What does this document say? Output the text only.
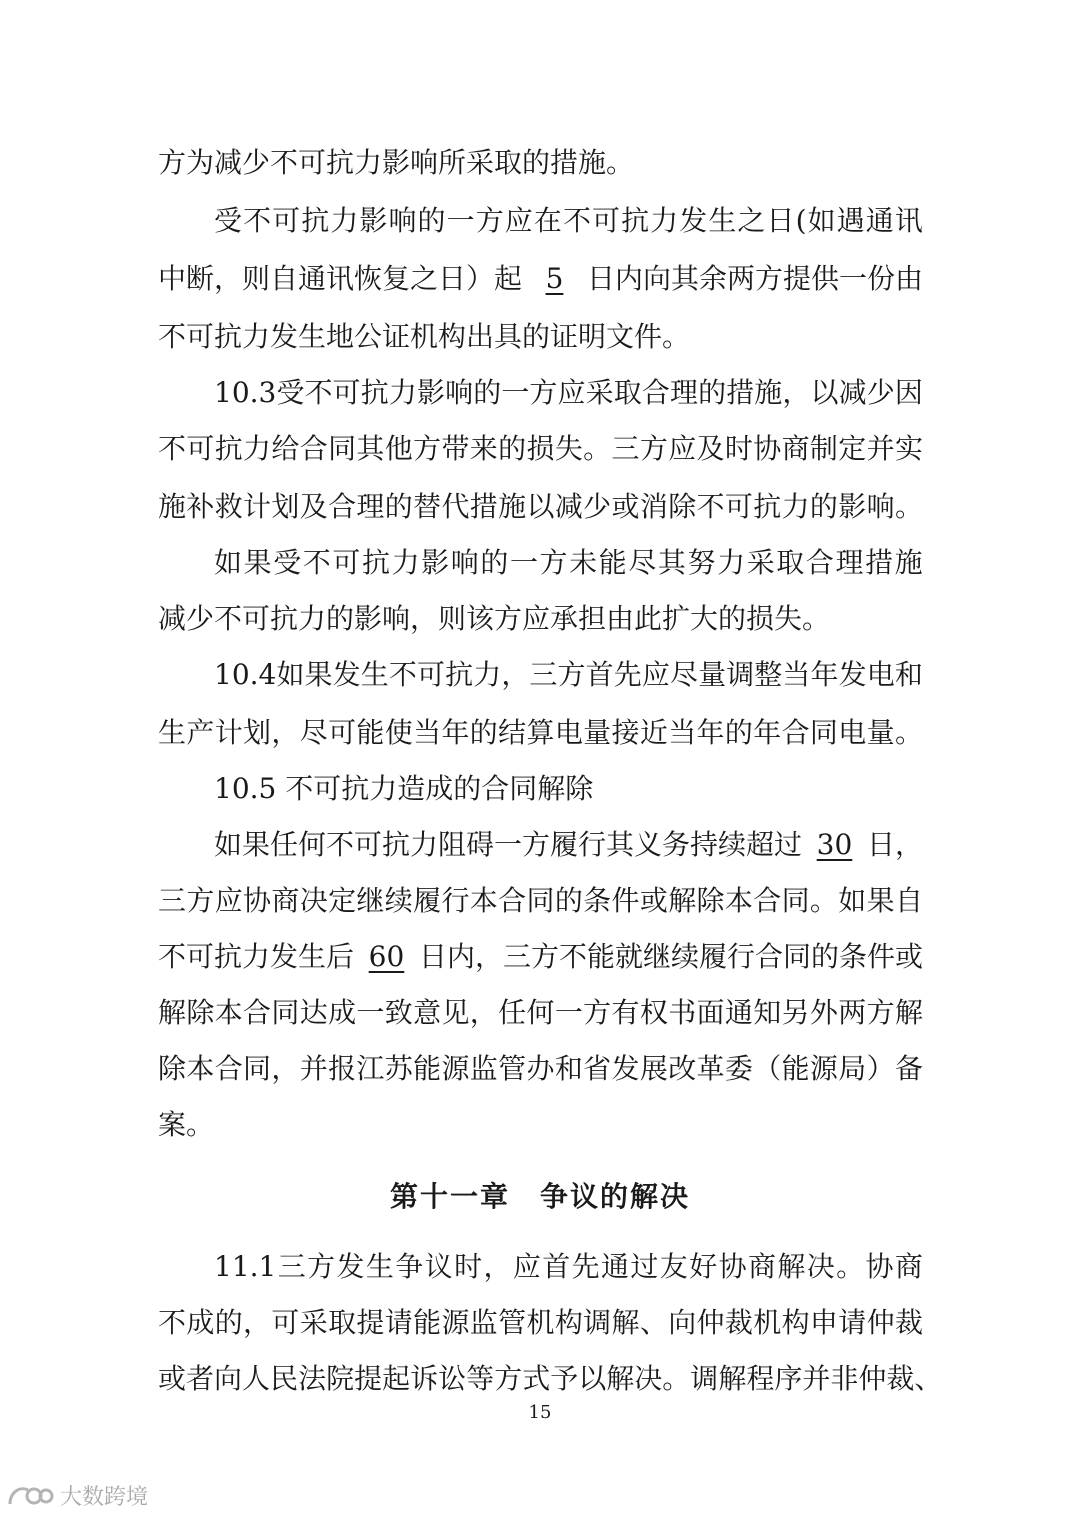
方为减少不可抗力影响所采取的措施。
受 不 可 抗 力 影 响 的 一 方 应 在 不 可 抗 力 发 生 之 日 ( 如 遇 通 讯
中断，则自通讯恢复之日）起 5 日内向其余两方提供一份由
不可抗力发生地公证机构出具的证明文件。
10.3 受 不 可 抗 力 影 响 的 一 方 应 采 取 合 理 的 措 施 ， 以 减 少 因
不 可 抗 力 给 合 同 其 他 方 带 来 的 损 失 。 三 方 应 及 时 协 商 制 定 并 实
施 补 救 计 划 及 合 理 的 替 代 措 施 以 减 少 或 消 除 不 可 抗 力 的 影 响 。
如 果 受 不 可 抗 力 影 响 的 一 方 未 能 尽 其 努 力 采 取 合 理 措 施
减少不可抗力的影响，则该方应承担由此扩大的损失。
10.4 如 果 发 生 不 可 抗 力 ， 三 方 首 先 应 尽 量 调 整 当 年 发 电 和
生 产 计 划 ， 尽 可 能 使 当 年 的 结 算 电 量 接 近 当 年 的 年 合 同 电 量 。
10.5 不可抗力造成的合同解除
如果任何不可抗力阻碍一方履行其义务持续超过 30 日，
三 方 应 协 商 决 定 继 续 履 行 本 合 同 的 条 件 或 解 除 本 合 同 。 如 果 自
不可抗力发生后 60 日内，三方不能就继续履行合同的条件或
解 除 本 合 同 达 成 一 致 意 见 ， 任 何 一 方 有 权 书 面 通 知 另 外 两 方 解
除 本 合 同 ， 并 报 江 苏 能 源 监 管 办 和 省 发 展 改 革 委 （ 能 源 局 ） 备
案。
第十一章　争议的解决
11.1 三 方 发 生 争 议 时 ， 应 首 先 通 过 友 好 协 商 解 决 。 协 商
不 成 的 ， 可 采 取 提 请 能 源 监 管 机 构 调 解 、 向 仲 裁 机 构 申 请 仲 裁
或 者 向 人 民 法 院 提 起 诉 讼 等 方 式 予 以 解 决 。 调 解 程 序 并 非 仲 裁 、
15
大数跨境
